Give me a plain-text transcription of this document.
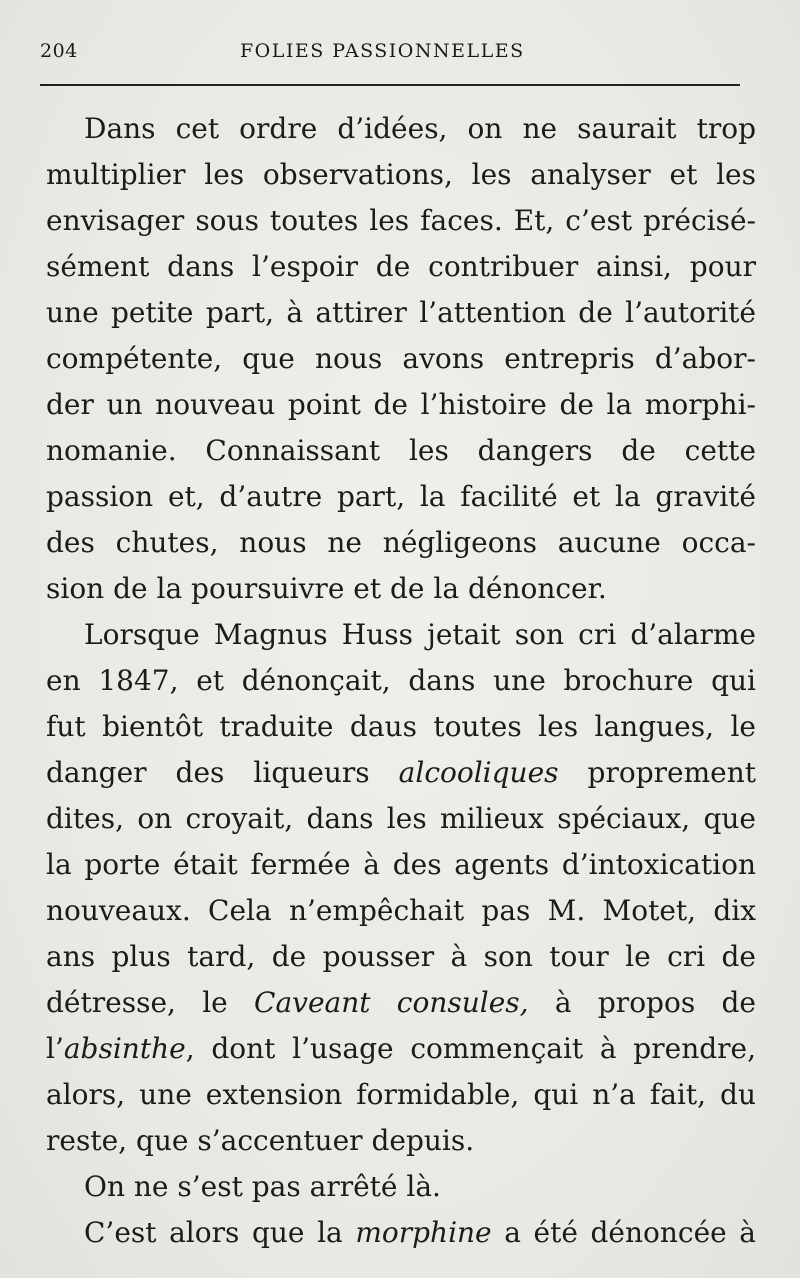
204	FOLIES PASSIONNELLES
Dans cet ordre d’idées, on ne saurait trop
multiplier les observations, les analyser et les
envisager sous toutes les faces. Et, c’est précisé-
sément dans l’espoir de contribuer ainsi, pour
une petite part, à attirer l’attention de l’autorité
compétente, que nous avons entrepris d’abor-
der un nouveau point de l’histoire de la morphi-
nomanie. Connaissant les dangers de cette
passion et, d’autre part, la facilité et la gravité
des chutes, nous ne négligeons aucune occa-
sion de la poursuivre et de la dénoncer.
Lorsque Magnus Huss jetait son cri d’alarme
en 1847, et dénonçait, dans une brochure qui
fut bientôt traduite daus toutes les langues, le
danger des liqueurs alcooliques proprement
dites, on croyait, dans les milieux spéciaux, que
la porte était fermée à des agents d’intoxication
nouveaux. Cela n’empêchait pas M. Motet, dix
ans plus tard, de pousser à son tour le cri de
détresse, le Caveant consules, à propos de
l’absinthe, dont l’usage commençait à prendre,
alors, une extension formidable, qui n’a fait, du
reste, que s’accentuer depuis.
On ne s’est pas arrêté là.
C’est alors que la morphine a été dénoncée à
